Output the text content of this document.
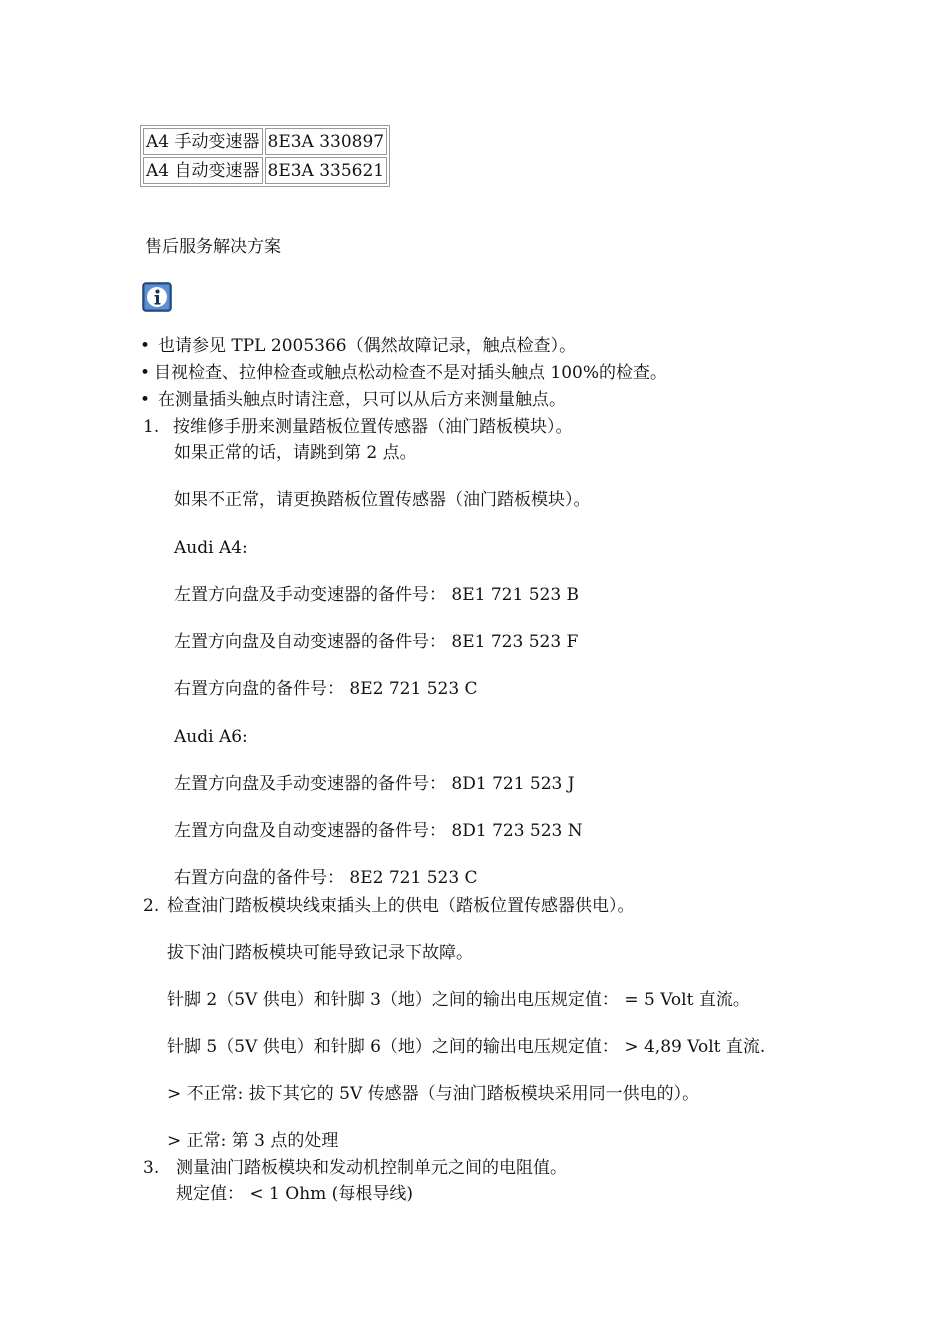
A4 手动变速器	8E3A 330897
A4 自动变速器	8E3A 335621
售后服务解决方案
• 也请参见 TPL 2005366（偶然故障记录，触点检查）。
• 目视检查、拉伸检查或触点松动检查不是对插头触点 100%的检查。
• 在测量插头触点时请注意，只可以从后方来测量触点。
1. 按维修手册来测量踏板位置传感器（油门踏板模块）。
如果正常的话，请跳到第 2 点。
如果不正常，请更换踏板位置传感器（油门踏板模块）。
Audi A4:
左置方向盘及手动变速器的备件号： 8E1 721 523 B
左置方向盘及自动变速器的备件号： 8E1 723 523 F
右置方向盘的备件号： 8E2 721 523 C
Audi A6:
左置方向盘及手动变速器的备件号： 8D1 721 523 J
左置方向盘及自动变速器的备件号： 8D1 723 523 N
右置方向盘的备件号： 8E2 721 523 C
2. 检查油门踏板模块线束插头上的供电（踏板位置传感器供电）。
拔下油门踏板模块可能导致记录下故障。
针脚 2（5V 供电）和针脚 3（地）之间的输出电压规定值： = 5 Volt 直流。
针脚 5（5V 供电）和针脚 6（地）之间的输出电压规定值： > 4,89 Volt 直流.
> 不正常: 拔下其它的 5V 传感器（与油门踏板模块采用同一供电的）。
> 正常: 第 3 点的处理
3. 测量油门踏板模块和发动机控制单元之间的电阻值。
规定值： < 1 Ohm (每根导线)
